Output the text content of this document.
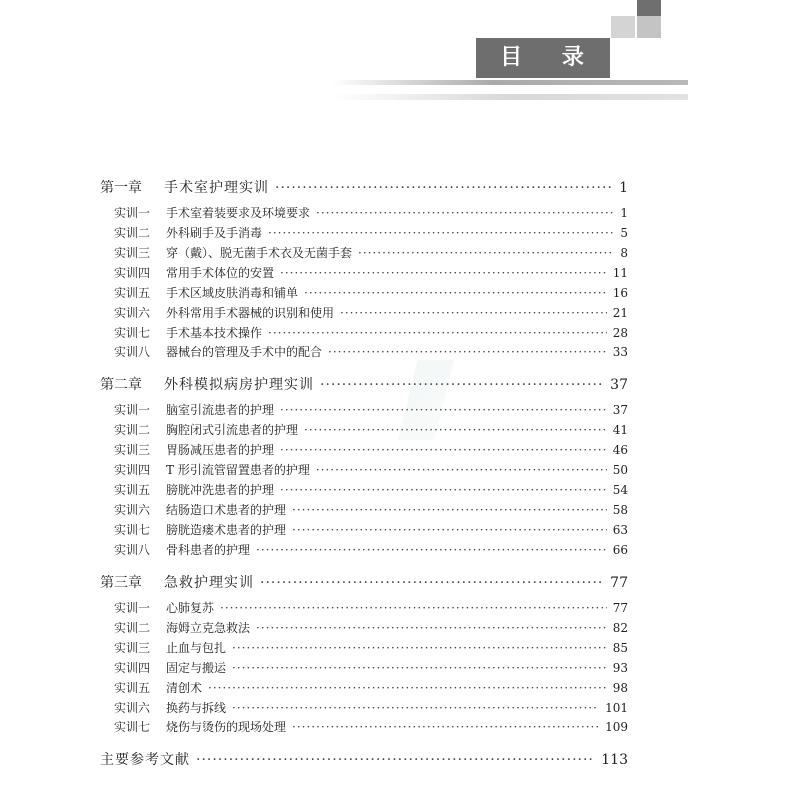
目 录
第一章	手术室护理实训 ·····	1
实训一	手术室着装要求及环境要求 ·····	1
实训二	外科刷手及手消毒 ·····	5
实训三	穿（戴）、脱无菌手术衣及无菌手套 ·····	8
实训四	常用手术体位的安置 ·····	11
实训五	手术区域皮肤消毒和铺单 ·····	16
实训六	外科常用手术器械的识别和使用 ·····	21
实训七	手术基本技术操作 ·····	28
实训八	器械台的管理及手术中的配合 ·····	33
第二章	外科模拟病房护理实训 ·····	37
实训一	脑室引流患者的护理 ·····	37
实训二	胸腔闭式引流患者的护理 ·····	41
实训三	胃肠减压患者的护理 ·····	46
实训四	T 形引流管留置患者的护理 ·····	50
实训五	膀胱冲洗患者的护理 ·····	54
实训六	结肠造口术患者的护理 ·····	58
实训七	膀胱造瘘术患者的护理 ·····	63
实训八	骨科患者的护理 ·····	66
第三章	急救护理实训 ·····	77
实训一	心肺复苏 ·····	77
实训二	海姆立克急救法 ·····	82
实训三	止血与包扎 ·····	85
实训四	固定与搬运 ·····	93
实训五	清创术 ·····	98
实训六	换药与拆线 ·····	101
实训七	烧伤与烫伤的现场处理 ·····	109
主要参考文献 ·····	113
